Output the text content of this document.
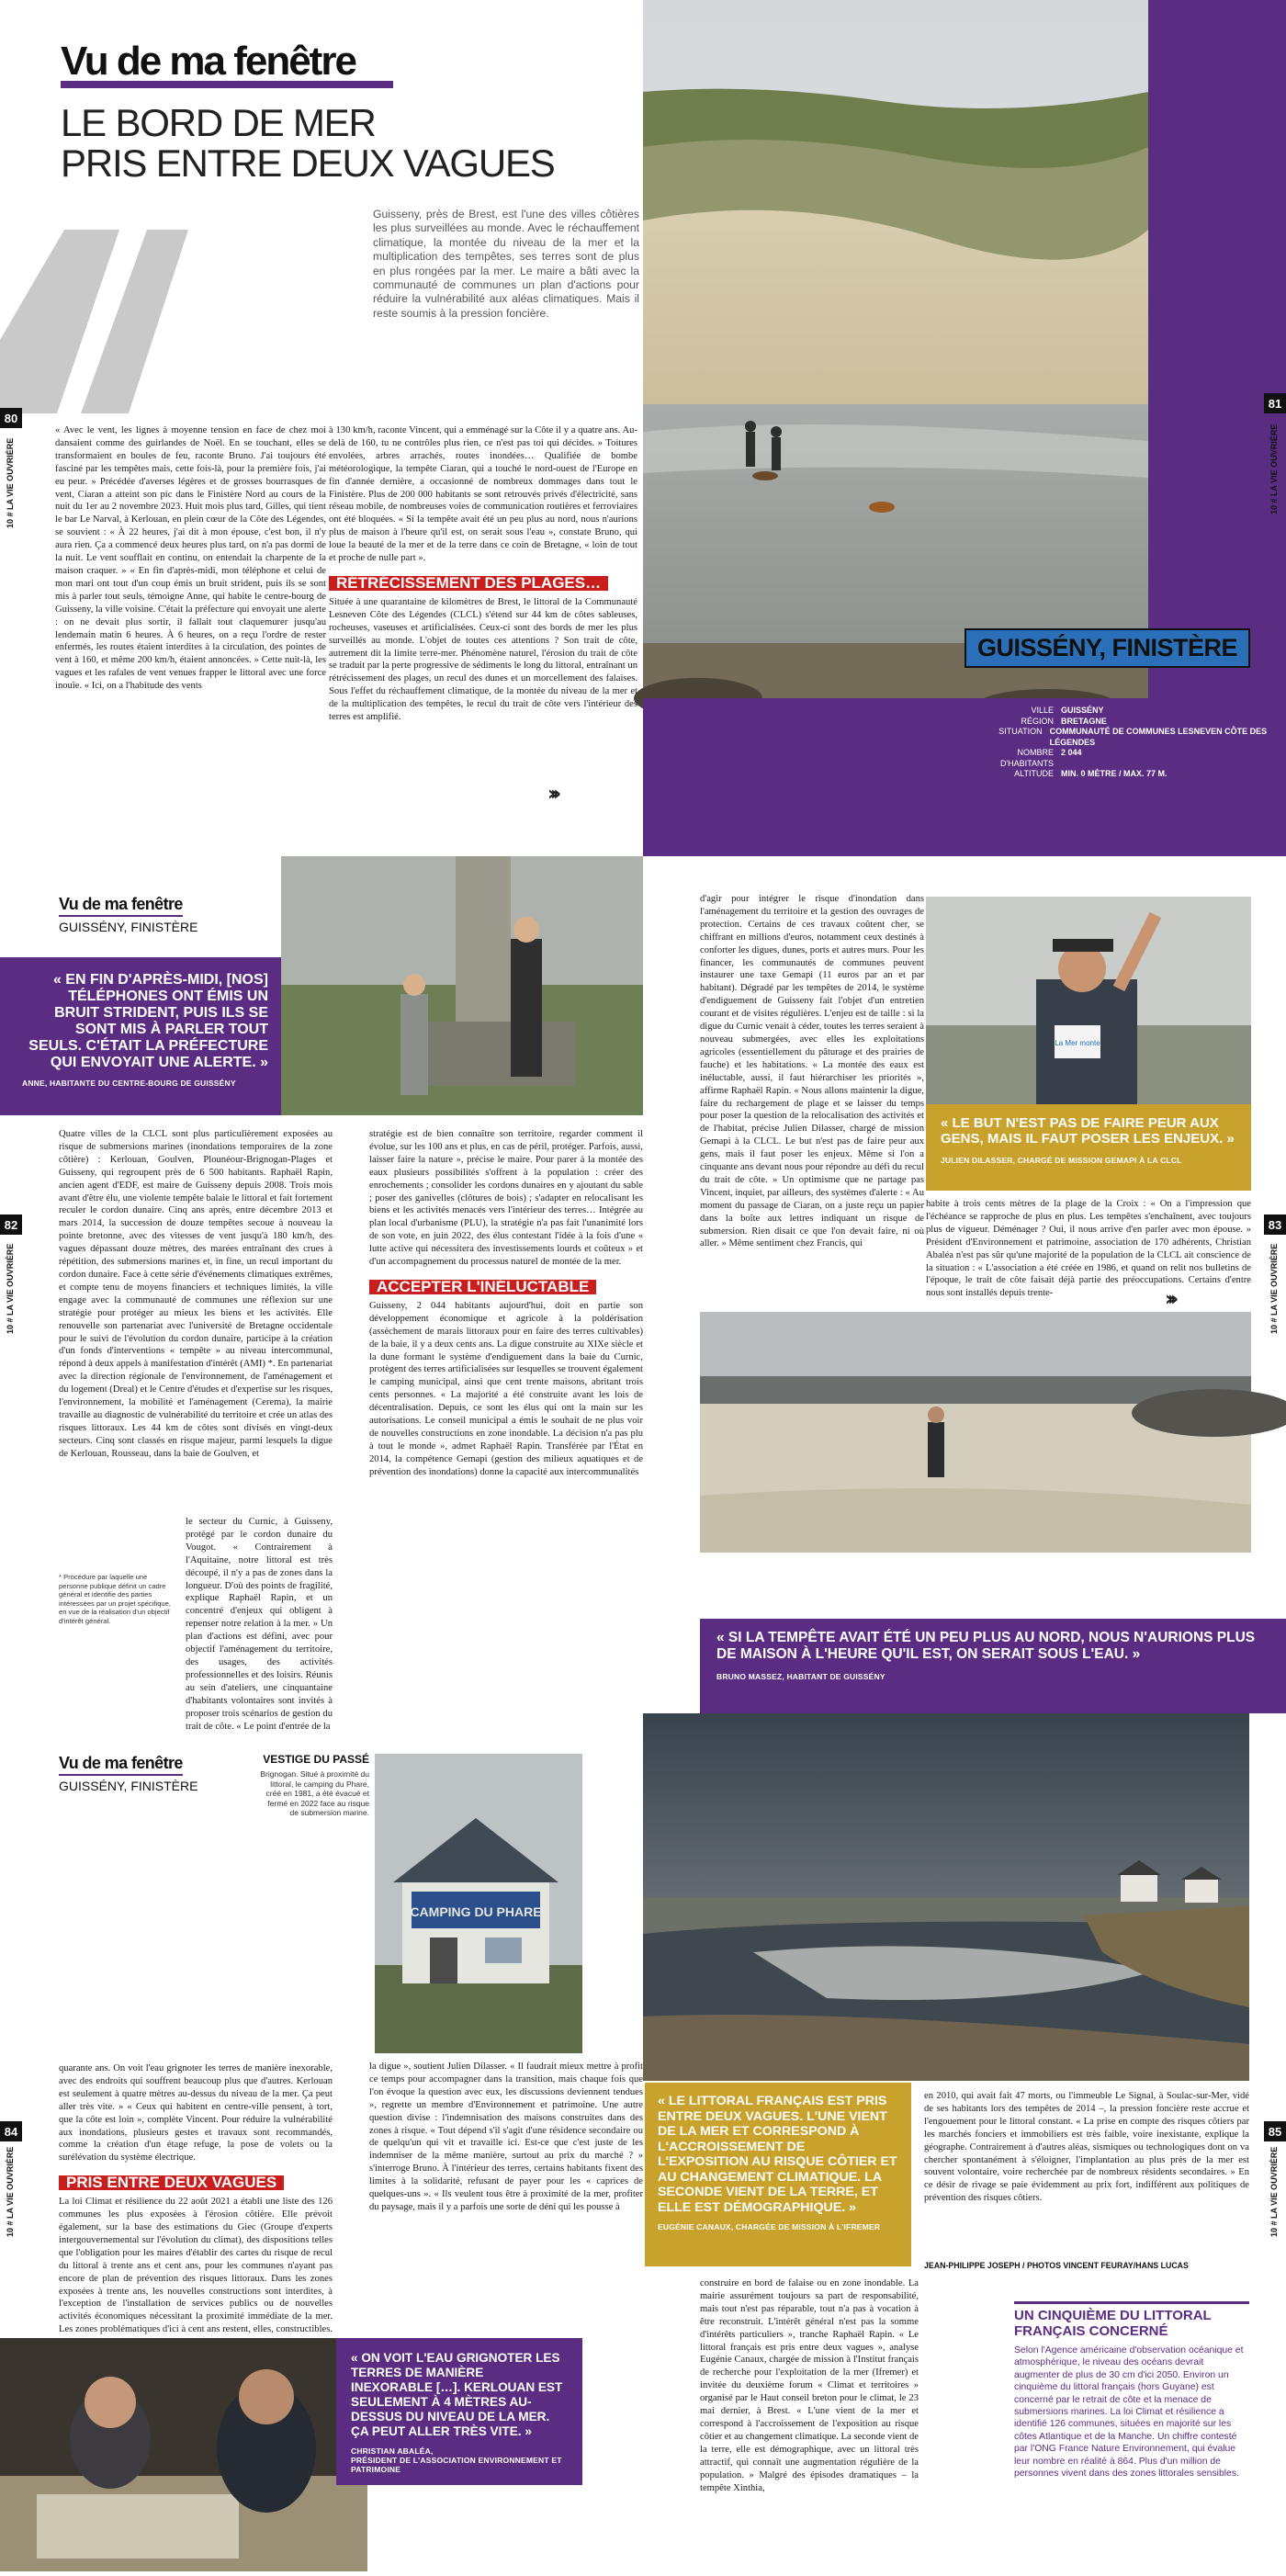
Vu de ma fenêtre
LE BORD DE MER
PRIS ENTRE DEUX VAGUES
Guisseny, près de Brest, est l'une des villes côtières les plus surveillées au monde. Avec le réchauffement climatique, la montée du niveau de la mer et la multiplication des tempêtes, ses terres sont de plus en plus rongées par la mer. Le maire a bâti avec la communauté de communes un plan d'actions pour réduire la vulnérabilité aux aléas climatiques. Mais il reste soumis à la pression foncière.
80
10 # LA VIE OUVRIÈRE
« Avec le vent, les lignes à moyenne tension en face de chez moi dansaient comme des guirlandes de Noël. En se touchant, elles se transformaient en boules de feu, raconte Bruno. J'ai toujours été fasciné par les tempêtes mais, cette fois-là, pour la première fois, j'ai eu peur. » Précédée d'averses légères et de grosses bourrasques de vent, Ciaran a atteint son pic dans le Finistère Nord au cours de la nuit du 1er au 2 novembre 2023. Huit mois plus tard, Gilles, qui tient le bar Le Narval, à Kerlouan, en plein cœur de la Côte des Légendes, se souvient : « À 22 heures, j'ai dit à mon épouse, c'est bon, il n'y aura rien. Ça a commencé deux heures plus tard, on n'a pas dormi de la nuit. Le vent soufflait en continu, on entendait la charpente de la maison craquer. » « En fin d'après-midi, mon téléphone et celui de mon mari ont tout d'un coup émis un bruit strident, puis ils se sont mis à parler tout seuls, témoigne Anne, qui habite le centre-bourg de Guisseny, la ville voisine. C'était la préfecture qui envoyait une alerte : on ne devait plus sortir, il fallait tout claquemurer jusqu'au lendemain matin 6 heures. À 6 heures, on a reçu l'ordre de rester enfermés, les routes étaient interdites à la circulation, des pointes de vent à 160, et même 200 km/h, étaient annoncées. » Cette nuit-là, les vagues et les rafales de vent venues frapper le littoral avec une force inouïe. « Ici, on a l'habitude des vents

à 130 km/h, raconte Vincent, qui a emménagé sur la Côte il y a quatre ans. Au-delà de 160, tu ne contrôles plus rien, ce n'est pas toi qui décides. » Toitures envolées, arbres arrachés, routes inondées… Qualifiée de bombe météorologique, la tempête Ciaran, qui a touché le nord-ouest de l'Europe en fin d'année dernière, a occasionné de nombreux dommages dans tout le Finistère. Plus de 200 000 habitants se sont retrouvés privés d'électricité, sans réseau mobile, de nombreuses voies de communication routières et ferroviaires ont été bloquées. « Si la tempête avait été un peu plus au nord, nous n'aurions plus de maison à l'heure qu'il est, on serait sous l'eau », constate Bruno, qui loue la beauté de la mer et de la terre dans ce coin de Bretagne, « loin de tout et proche de nulle part ».

RÉTRÉCISSEMENT DES PLAGES…

Située à une quarantaine de kilomètres de Brest, le littoral de la Communauté Lesneven Côte des Légendes (CLCL) s'étend sur 44 km de côtes sableuses, rocheuses, vaseuses et artificialisées. Ceux-ci sont des bords de mer les plus surveillés au monde. L'objet de toutes ces attentions ? Son trait de côte, autrement dit la limite terre-mer. Phénomène naturel, l'érosion du trait de côte se traduit par la perte progressive de sédiments le long du littoral, entraînant un rétrécissement des plages, un recul des dunes et un morcellement des falaises. Sous l'effet du réchauffement climatique, de la montée du niveau de la mer et de la multiplication des tempêtes, le recul du trait de côte vers l'intérieur des terres est amplifié.

›››
81
10 # LA VIE OUVRIÈRE
GUISSÉNY, FINISTÈRE
VILLE GUISSÉNY
RÉGION BRETAGNE
SITUATION COMMUNAUTÉ DE COMMUNES LESNEVEN CÔTE DES LÉGENDES
NOMBRE D'HABITANTS
2 044
ALTITUDE MIN. 0 MÈTRE / MAX. 77 M.
Vu de ma fenêtre
GUISSÉNY, FINISTÈRE
« EN FIN D'APRÈS-MIDI, [NOS] TÉLÉPHONES ONT ÉMIS UN BRUIT STRIDENT, PUIS ILS SE SONT MIS À PARLER TOUT SEULS. C'ÉTAIT LA PRÉFECTURE QUI ENVOYAIT UNE ALERTE. »
ANNE, HABITANTE DU CENTRE-BOURG DE GUISSÉNY
82
10 # LA VIE OUVRIÈRE
Quatre villes de la CLCL sont plus particulièrement exposées au risque de submersions marines (inondations temporaires de la zone côtière) : Kerlouan, Goulven, Plounéour-Brignogan-Plages et Guisseny, qui regroupent près de 6 500 habitants. Raphaël Rapin, ancien agent d'EDF, est maire de Guisseny depuis 2008. Trois mois avant d'être élu, une violente tempête balaie le littoral et fait fortement reculer le cordon dunaire. Cinq ans après, entre décembre 2013 et mars 2014, la succession de douze tempêtes secoue à nouveau la pointe bretonne, avec des vitesses de vent jusqu'à 180 km/h, des vagues dépassant douze mètres, des marées entraînant des crues à répétition, des submersions marines et, in fine, un recul important du cordon dunaire. Face à cette série d'événements climatiques extrêmes, et compte tenu de moyens financiers et techniques limités, la ville engage avec la communauté de communes une réflexion sur une stratégie pour protéger au mieux les biens et les activités. Elle renouvelle son partenariat avec l'université de Bretagne occidentale pour le suivi de l'évolution du cordon dunaire, participe à la création d'un fonds d'interventions « tempête » au niveau intercommunal, répond à deux appels à manifestation d'intérêt (AMI) *. En partenariat avec la direction régionale de l'environnement, de l'aménagement et du logement (Dreal) et le Centre d'études et d'expertise sur les risques, l'environnement, la mobilité et l'aménagement (Cerema), la mairie travaille au diagnostic de vulnérabilité du territoire et crée un atlas des risques littoraux. Les 44 km de côtes sont divisés en vingt-deux secteurs. Cinq sont classés en risque majeur, parmi lesquels la digue de Kerlouan, Rousseau, dans la baie de Goulven, et
* Procédure par laquelle une personne publique définit un cadre général et identifie des parties intéressées par un projet spécifique, en vue de la réalisation d'un objectif d'intérêt général.
le secteur du Curnic, à Guisseny, protégé par le cordon dunaire du Vougot. « Contrairement à l'Aquitaine, notre littoral est très découpé, il n'y a pas de zones dans la longueur. D'où des points de fragilité, explique Raphaël Rapin, et un concentré d'enjeux qui obligent à repenser notre relation à la mer. » Un plan d'actions est défini, avec pour objectif l'aménagement du territoire, des usages, des activités professionnelles et des loisirs. Réunis au sein d'ateliers, une cinquantaine d'habitants volontaires sont invités à proposer trois scénarios de gestion du trait de côte. « Le point d'entrée de la

stratégie est de bien connaître son territoire, regarder comment il évolue, sur les 100 ans et plus, en cas de péril, protéger. Parfois, aussi, laisser faire la nature », précise le maire. Pour parer à la montée des eaux plusieurs possibilités s'offrent à la population : créer des enrochements ; consolider les cordons dunaires en y ajoutant du sable ; poser des ganivelles (clôtures de bois) ; s'adapter en relocalisant les biens et les activités menacés vers l'intérieur des terres… Intégrée au plan local d'urbanisme (PLU), la stratégie n'a pas fait l'unanimité lors de son vote, en juin 2022, des élus contestant l'idée à la fois d'une « lutte active qui nécessitera des investissements lourds et coûteux » et d'un accompagnement du processus naturel de montée de la mer.

ACCEPTER L'INÉLUCTABLE

Guisseny, 2 044 habitants aujourd'hui, doit en partie son développement économique et agricole à la poldérisation (assèchement de marais littoraux pour en faire des terres cultivables) de la baie, il y a deux cents ans. La digue construite au XIXe siècle et la dune formant le système d'endiguement dans la baie du Curnic, protègent des terres artificialisées sur lesquelles se trouvent également le camping municipal, ainsi que cent trente maisons, abritant trois cents personnes. « La majorité a été construite avant les lois de décentralisation. Depuis, ce sont les élus qui ont la main sur les autorisations. Le conseil municipal a émis le souhait de ne plus voir de nouvelles constructions en zone inondable. La décision n'a pas plu à tout le monde », admet Raphaël Rapin. Transférée par l'État en 2014, la compétence Gemapi (gestion des milieux aquatiques et de prévention des inondations) donne la capacité aux intercommunalités

d'agir pour intégrer le risque d'inondation dans l'aménagement du territoire et la gestion des ouvrages de protection. Certains de ces travaux coûtent cher, se chiffrant en millions d'euros, notamment ceux destinés à conforter les digues, dunes, ports et autres murs. Pour les financer, les communautés de communes peuvent instaurer une taxe Gemapi (11 euros par an et par habitant). Dégradé par les tempêtes de 2014, le système d'endiguement de Guisseny fait l'objet d'un entretien courant et de visites régulières. L'enjeu est de taille : si la digue du Curnic venait à céder, toutes les terres seraient à nouveau submergées, avec elles les exploitations agricoles (essentiellement du pâturage et des prairies de fauche) et les habitations. « La montée des eaux est inéluctable, aussi, il faut hiérarchiser les priorités », affirme Raphaël Rapin. « Nous allons maintenir la digue, faire du rechargement de plage et se laisser du temps pour poser la question de la relocalisation des activités et de l'habitat, précise Julien Dilasser, chargé de mission Gemapi à la CLCL. Le but n'est pas de faire peur aux gens, mais il faut poser les enjeux. Même si l'on a cinquante ans devant nous pour répondre au défi du recul du trait de côte. » Un optimisme que ne partage pas Vincent, inquiet, par ailleurs, des systèmes d'alerte : « Au moment du passage de Ciaran, on a juste reçu un papier dans la boîte aux lettres indiquant un risque de submersion. Rien disait ce que l'on devait faire, ni où aller. » Même sentiment chez Francis, qui
La Mer monte
« LE BUT N'EST PAS DE FAIRE PEUR AUX GENS, MAIS IL FAUT POSER LES ENJEUX. »
JULIEN DILASSER, CHARGÉ DE MISSION GEMAPI À LA CLCL
habite à trois cents mètres de la plage de la Croix : « On a l'impression que l'échéance se rapproche de plus en plus. Les tempêtes s'enchaînent, avec toujours plus de vigueur. Déménager ? Oui, il nous arrive d'en parler avec mon épouse. » Président d'Environnement et patrimoine, association de 170 adhérents, Christian Abaléa n'est pas sûr qu'une majorité de la population de la CLCL ait conscience de la situation : « L'association a été créée en 1986, et quand on relit nos bulletins de l'époque, le trait de côte faisait déjà partie des préoccupations. Certains d'entre nous sont installés depuis trente-	›››
83
10 # LA VIE OUVRIÈRE
« SI LA TEMPÊTE AVAIT ÉTÉ UN PEU PLUS AU NORD, NOUS N'AURIONS PLUS DE MAISON À L'HEURE QU'IL EST, ON SERAIT SOUS L'EAU. »
BRUNO MASSEZ, HABITANT DE GUISSÉNY
Vu de ma fenêtre
GUISSÉNY, FINISTÈRE
VESTIGE DU PASSÉ
Brignogan. Situé à proximité du littoral, le camping du Phare, créé en 1981, a été évacué et fermé en 2022 face au risque de submersion marine.
CAMPING DU PHARE
84
10 # LA VIE OUVRIÈRE

quarante ans. On voit l'eau grignoter les terres de manière inexorable, avec des endroits qui souffrent beaucoup plus que d'autres. Kerlouan est seulement à quatre mètres au-dessus du niveau de la mer. Ça peut aller très vite. » « Ceux qui habitent en centre-ville pensent, à tort, que la côte est loin », complète Vincent. Pour réduire la vulnérabilité aux inondations, plusieurs gestes et travaux sont recommandés, comme la création d'un étage refuge, la pose de volets ou la surélévation du système électrique.

PRIS ENTRE DEUX VAGUES

La loi Climat et résilience du 22 août 2021 a établi une liste des 126 communes les plus exposées à l'érosion côtière. Elle prévoit également, sur la base des estimations du Giec (Groupe d'experts intergouvernemental sur l'évolution du climat), des dispositions telles que l'obligation pour les maires d'établir des cartes du risque de recul du littoral à trente ans et cent ans, pour les communes n'ayant pas encore de plan de prévention des risques littoraux. Dans les zones exposées à trente ans, les nouvelles constructions sont interdites, à l'exception de l'installation de services publics ou de nouvelles activités économiques nécessitant la proximité immédiate de la mer. Les zones problématiques d'ici à cent ans restent, elles, constructibles.

la digue », soutient Julien Dilasser. « Il faudrait mieux mettre à profit ce temps pour accompagner dans la transition, mais chaque fois que l'on évoque la question avec eux, les discussions deviennent tendues », regrette un membre d'Environnement et patrimoine. Une autre question divise : l'indemnisation des maisons construites dans des zones à risque. « Tout dépend s'il s'agit d'une résidence secondaire ou de quelqu'un qui vit et travaille ici. Est-ce que c'est juste de les indemniser de la même manière, surtout au prix du marché ? » s'interroge Bruno. À l'intérieur des terres, certains habitants fixent des limites à la solidarité, refusant de payer pour les « caprices de quelques-uns ». « Ils veulent tous être à proximité de la mer, profiter du paysage, mais il y a parfois une sorte de déni qui les pousse à
« LE LITTORAL FRANÇAIS EST PRIS ENTRE DEUX VAGUES. L'UNE VIENT DE LA MER ET CORRESPOND À L'ACCROISSEMENT DE L'EXPOSITION AU RISQUE CÔTIER ET AU CHANGEMENT CLIMATIQUE. LA SECONDE VIENT DE LA TERRE, ET ELLE EST DÉMOGRAPHIQUE. »
EUGÉNIE CANAUX, CHARGÉE DE MISSION À L'IFREMER
en 2010, qui avait fait 47 morts, ou l'immeuble Le Signal, à Soulac-sur-Mer, vidé de ses habitants lors des tempêtes de 2014 –, la pression foncière reste accrue et l'engouement pour le littoral constant. « La prise en compte des risques côtiers par les marchés fonciers et immobiliers est très faible, voire inexistante, explique la géographe. Contrairement à d'autres aléas, sismiques ou technologiques dont on va chercher spontanément à s'éloigner, l'implantation au plus près de la mer est souvent volontaire, voire recherchée par de nombreux résidents secondaires. » En ce désir de rivage se paie évidemment au prix fort, indifférent aux politiques de prévention des risques côtiers.
JEAN-PHILIPPE JOSEPH / PHOTOS VINCENT FEURAY/HANS LUCAS
construire en bord de falaise ou en zone inondable. La mairie assurément toujours sa part de responsabilité, mais tout n'est pas réparable, tout n'a pas à vocation à être reconstruit. L'intérêt général n'est pas la somme d'intérêts particuliers », tranche Raphaël Rapin. « Le littoral français est pris entre deux vagues », analyse Eugénie Canaux, chargée de mission à l'Institut français de recherche pour l'exploitation de la mer (Ifremer) et invitée du deuxième forum « Climat et territoires » organisé par le Haut conseil breton pour le climat, le 23 mai dernier, à Brest. « L'une vient de la mer et correspond à l'accroissement de l'exposition au risque côtier et au changement climatique. La seconde vient de la terre, elle est démographique, avec un littoral très attractif, qui connaît une augmentation régulière de la population. » Malgré des épisodes dramatiques – la tempête Xinthia,
85
10 # LA VIE OUVRIÈRE
« ON VOIT L'EAU GRIGNOTER LES TERRES DE MANIÈRE INEXORABLE […]. KERLOUAN EST SEULEMENT À 4 MÈTRES AU-DESSUS DU NIVEAU DE LA MER. ÇA PEUT ALLER TRÈS VITE. »
CHRISTIAN ABALÉA,
PRÉSIDENT DE L'ASSOCIATION ENVIRONNEMENT ET PATRIMOINE
UN CINQUIÈME DU LITTORAL FRANÇAIS CONCERNÉ
Selon l'Agence américaine d'observation océanique et atmosphérique, le niveau des océans devrait augmenter de plus de 30 cm d'ici 2050. Environ un cinquième du littoral français (hors Guyane) est concerné par le retrait de côte et la menace de submersions marines. La loi Climat et résilience a identifié 126 communes, situées en majorité sur les côtes Atlantique et de la Manche. Un chiffre contesté par l'ONG France Nature Environnement, qui évalue leur nombre en réalité à 864. Plus d'un million de personnes vivent dans des zones littorales sensibles.
